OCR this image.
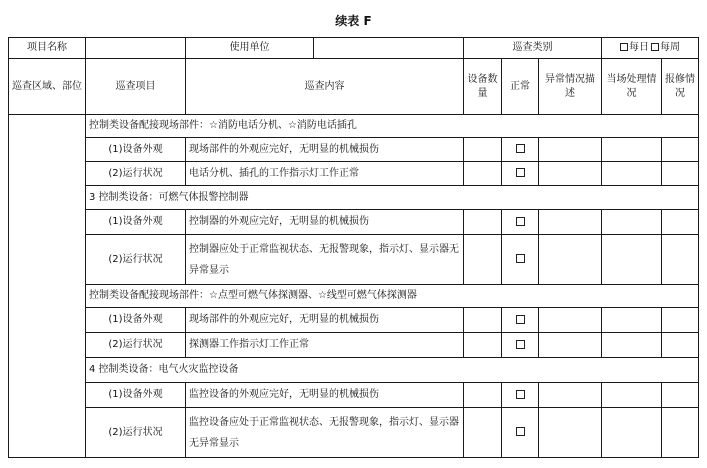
续表 F
项目名称		使用单位		巡查类别			每日 每周	
巡查区域、部位	巡查项目	巡查内容		设备数量	正常	异常情况描述	当场处理情况	报修情况
	控制类设备配接现场部件：☆消防电话分机、☆消防电话插孔							
	(1)设备外观	现场部件的外观应完好，无明显的机械损伤						
	(2)运行状况	电话分机、插孔的工作指示灯工作正常						
	3 控制类设备：可燃气体报警控制器							
	(1)设备外观	控制器的外观应完好，无明显的机械损伤						
	(2)运行状况	控制器应处于正常监视状态、无报警现象，指示灯、显示器无异常显示						
	控制类设备配接现场部件：☆点型可燃气体探测器、☆线型可燃气体探测器							
	(1)设备外观	现场部件的外观应完好，无明显的机械损伤						
	(2)运行状况	探测器工作指示灯工作正常						
	4 控制类设备：电气火灾监控设备							
	(1)设备外观	监控设备的外观应完好，无明显的机械损伤						
	(2)运行状况	监控设备应处于正常监视状态、无报警现象，指示灯、显示器无异常显示						
